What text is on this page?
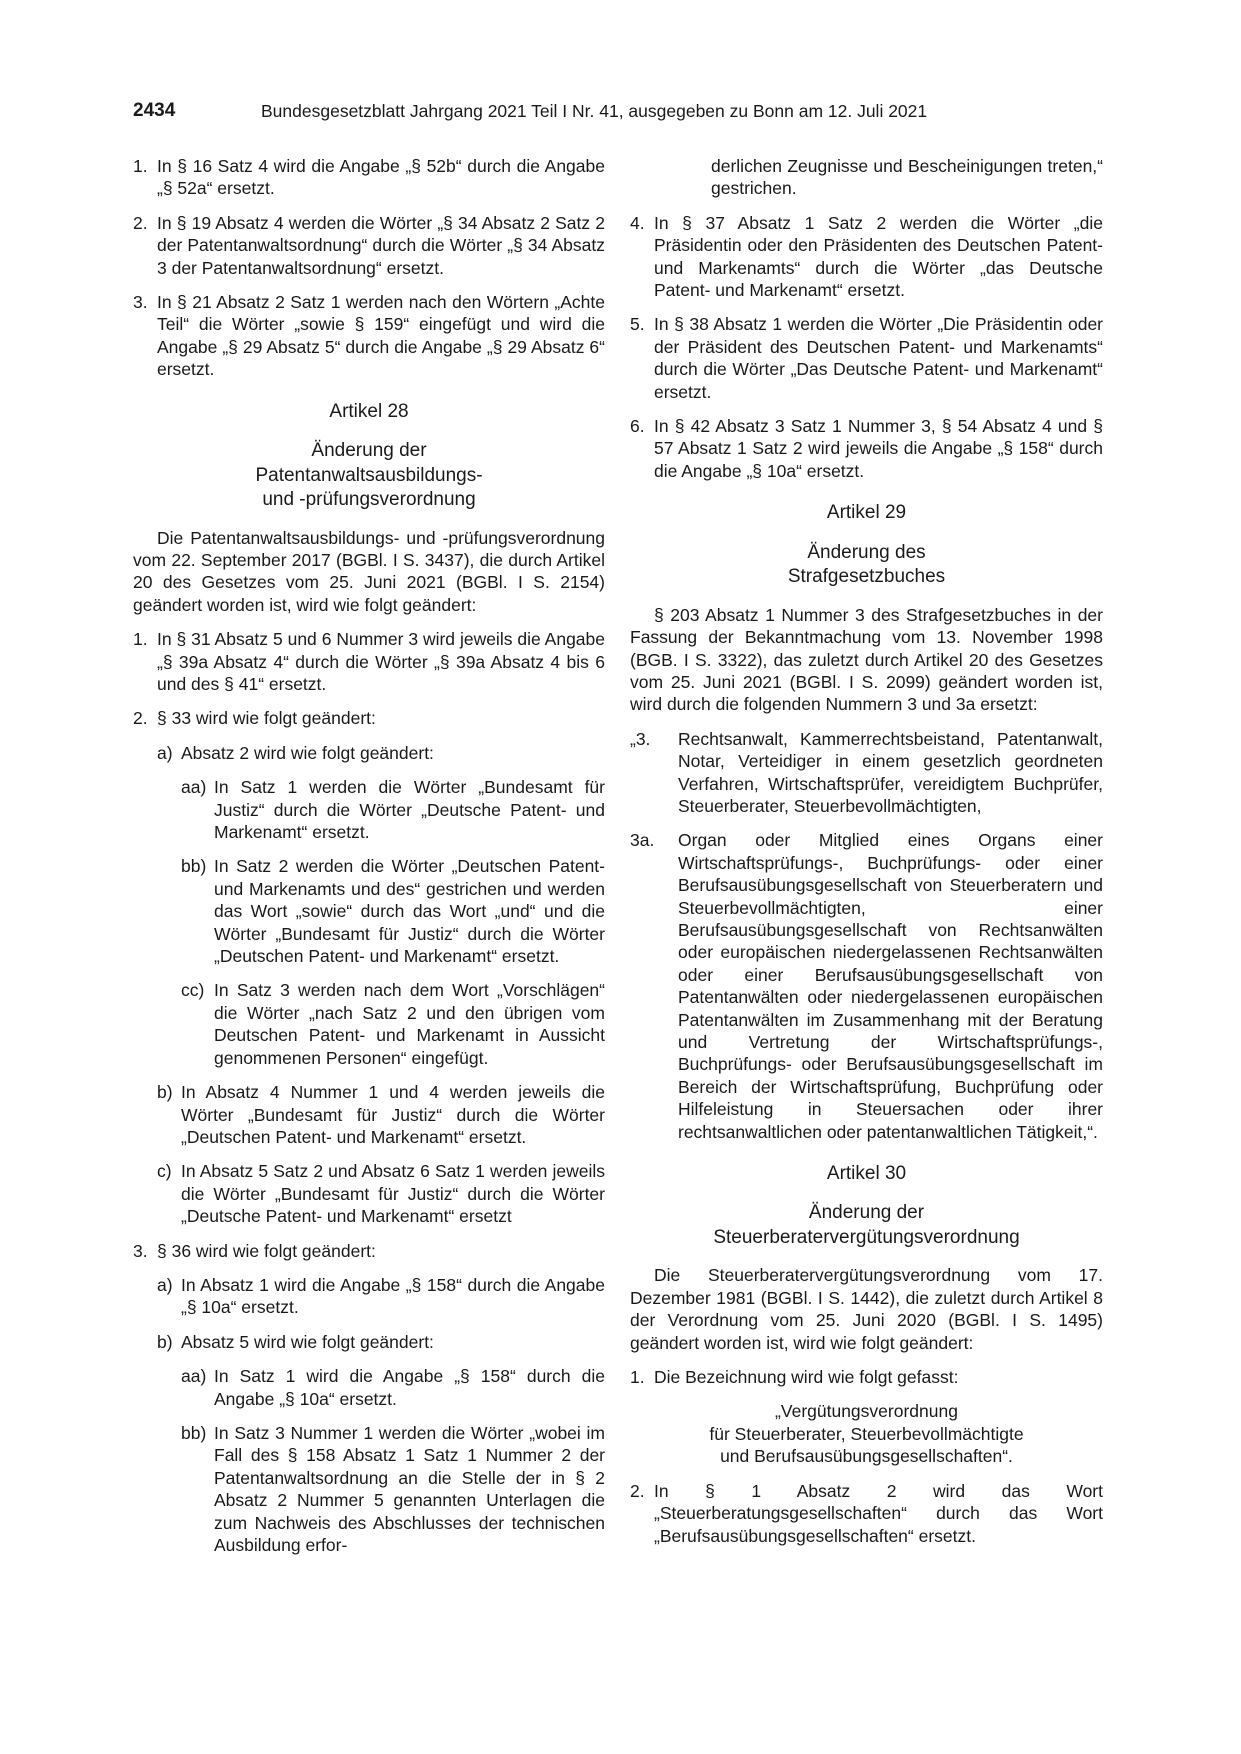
2434	Bundesgesetzblatt Jahrgang 2021 Teil I Nr. 41, ausgegeben zu Bonn am 12. Juli 2021
1. In § 16 Satz 4 wird die Angabe „§ 52b“ durch die Angabe „§ 52a“ ersetzt.
2. In § 19 Absatz 4 werden die Wörter „§ 34 Absatz 2 Satz 2 der Patentanwaltsordnung“ durch die Wörter „§ 34 Absatz 3 der Patentanwaltsordnung“ ersetzt.
3. In § 21 Absatz 2 Satz 1 werden nach den Wörtern „Achte Teil“ die Wörter „sowie § 159“ eingefügt und wird die Angabe „§ 29 Absatz 5“ durch die Angabe „§ 29 Absatz 6“ ersetzt.
Artikel 28
Änderung der
Patentanwaltsausbildungs-
und -prüfungsverordnung
Die Patentanwaltsausbildungs- und -prüfungsverordnung vom 22. September 2017 (BGBl. I S. 3437), die durch Artikel 20 des Gesetzes vom 25. Juni 2021 (BGBl. I S. 2154) geändert worden ist, wird wie folgt geändert:
1. In § 31 Absatz 5 und 6 Nummer 3 wird jeweils die Angabe „§ 39a Absatz 4“ durch die Wörter „§ 39a Absatz 4 bis 6 und des § 41“ ersetzt.
2. § 33 wird wie folgt geändert:
a) Absatz 2 wird wie folgt geändert:
aa) In Satz 1 werden die Wörter „Bundesamt für Justiz“ durch die Wörter „Deutsche Patent- und Markenamt“ ersetzt.
bb) In Satz 2 werden die Wörter „Deutschen Patent- und Markenamts und des“ gestrichen und werden das Wort „sowie“ durch das Wort „und“ und die Wörter „Bundesamt für Justiz“ durch die Wörter „Deutschen Patent- und Markenamt“ ersetzt.
cc) In Satz 3 werden nach dem Wort „Vorschlägen“ die Wörter „nach Satz 2 und den übrigen vom Deutschen Patent- und Markenamt in Aussicht genommenen Personen“ eingefügt.
b) In Absatz 4 Nummer 1 und 4 werden jeweils die Wörter „Bundesamt für Justiz“ durch die Wörter „Deutschen Patent- und Markenamt“ ersetzt.
c) In Absatz 5 Satz 2 und Absatz 6 Satz 1 werden jeweils die Wörter „Bundesamt für Justiz“ durch die Wörter „Deutsche Patent- und Markenamt“ ersetzt
3. § 36 wird wie folgt geändert:
a) In Absatz 1 wird die Angabe „§ 158“ durch die Angabe „§ 10a“ ersetzt.
b) Absatz 5 wird wie folgt geändert:
aa) In Satz 1 wird die Angabe „§ 158“ durch die Angabe „§ 10a“ ersetzt.
bb) In Satz 3 Nummer 1 werden die Wörter „wobei im Fall des § 158 Absatz 1 Satz 1 Nummer 2 der Patentanwaltsordnung an die Stelle der in § 2 Absatz 2 Nummer 5 genannten Unterlagen die zum Nachweis des Abschlusses der technischen Ausbildung erfor-
derlichen Zeugnisse und Bescheinigungen treten,“ gestrichen.
4. In § 37 Absatz 1 Satz 2 werden die Wörter „die Präsidentin oder den Präsidenten des Deutschen Patent- und Markenamts“ durch die Wörter „das Deutsche Patent- und Markenamt“ ersetzt.
5. In § 38 Absatz 1 werden die Wörter „Die Präsidentin oder der Präsident des Deutschen Patent- und Markenamts“ durch die Wörter „Das Deutsche Patent- und Markenamt“ ersetzt.
6. In § 42 Absatz 3 Satz 1 Nummer 3, § 54 Absatz 4 und § 57 Absatz 1 Satz 2 wird jeweils die Angabe „§ 158“ durch die Angabe „§ 10a“ ersetzt.
Artikel 29
Änderung des
Strafgesetzbuches
§ 203 Absatz 1 Nummer 3 des Strafgesetzbuches in der Fassung der Bekanntmachung vom 13. November 1998 (BGB. I S. 3322), das zuletzt durch Artikel 20 des Gesetzes vom 25. Juni 2021 (BGBl. I S. 2099) geändert worden ist, wird durch die folgenden Nummern 3 und 3a ersetzt:
„3. Rechtsanwalt, Kammerrechtsbeistand, Patentanwalt, Notar, Verteidiger in einem gesetzlich geordneten Verfahren, Wirtschaftsprüfer, vereidigtem Buchprüfer, Steuerberater, Steuerbevollmächtigten,
3a. Organ oder Mitglied eines Organs einer Wirtschaftsprüfungs-, Buchprüfungs- oder einer Berufsausübungsgesellschaft von Steuerberatern und Steuerbevollmächtigten, einer Berufsausübungsgesellschaft von Rechtsanwälten oder europäischen niedergelassenen Rechtsanwälten oder einer Berufsausübungsgesellschaft von Patentanwälten oder niedergelassenen europäischen Patentanwälten im Zusammenhang mit der Beratung und Vertretung der Wirtschaftsprüfungs-, Buchprüfungs- oder Berufsausübungsgesellschaft im Bereich der Wirtschaftsprüfung, Buchprüfung oder Hilfeleistung in Steuersachen oder ihrer rechtsanwaltlichen oder patentanwaltlichen Tätigkeit,“.
Artikel 30
Änderung der
Steuerberatervergütungsverordnung
Die Steuerberatervergütungsverordnung vom 17. Dezember 1981 (BGBl. I S. 1442), die zuletzt durch Artikel 8 der Verordnung vom 25. Juni 2020 (BGBl. I S. 1495) geändert worden ist, wird wie folgt geändert:
1. Die Bezeichnung wird wie folgt gefasst:
„Vergütungsverordnung
für Steuerberater, Steuerbevollmächtigte
und Berufsausübungsgesellschaften“.
2. In § 1 Absatz 2 wird das Wort „Steuerberatungsgesellschaften“ durch das Wort „Berufsausübungsgesellschaften“ ersetzt.
